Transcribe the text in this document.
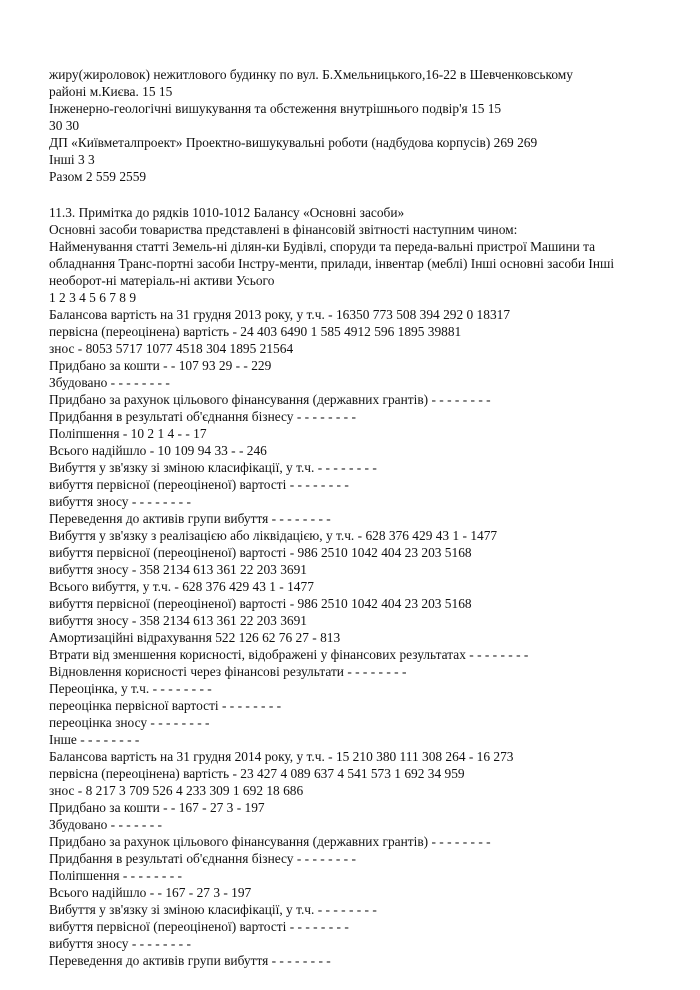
жиру(жироловок) нежитлового будинку по вул. Б.Хмельницького,16-22 в Шевченковському
районі м.Києва. 15 15
Інженерно-геологічні вишукування та обстеження внутрішнього подвір'я 15 15
30 30
ДП «Київметалпроект» Проектно-вишукувальні роботи (надбудова корпусів) 269 269
Інші 3 3
Разом 2 559 2559
11.3. Примітка до рядків 1010-1012 Балансу «Основні засоби»
Основні засоби товариства представлені в фінансовій звітності наступним чином:
Найменування статті Земель-ні ділян-ки Будівлі, споруди та переда-вальні пристрої Машини та
обладнання Транс-портні засоби Інстру-менти, прилади, інвентар (меблі) Інші основні засоби Інші
необорот-ні матеріаль-ні активи Усього
1 2 3 4 5 6 7 8 9
Балансова вартість на 31 грудня 2013 року, у т.ч. - 16350 773 508 394 292 0 18317
первісна (переоцінена) вартість - 24 403 6490 1 585 4912 596 1895 39881
знос - 8053 5717 1077 4518 304 1895 21564
Придбано за кошти - - 107 93 29 - - 229
Збудовано - - - - - - - -
Придбано за рахунок цільового фінансування (державних грантів) - - - - - - - -
Придбання в результаті об'єднання бізнесу - - - - - - - -
Поліпшення - 10 2 1 4 - - 17
Всього надійшло - 10 109 94 33 - - 246
Вибуття у зв'язку зі зміною класифікації, у т.ч. - - - - - - - -
вибуття первісної (переоціненої) вартості - - - - - - - -
вибуття зносу - - - - - - - -
Переведення до активів групи вибуття - - - - - - - -
Вибуття у зв'язку з реалізацією або ліквідацією, у т.ч. - 628 376 429 43 1 - 1477
вибуття первісної (переоціненої) вартості - 986 2510 1042 404 23 203 5168
вибуття зносу - 358 2134 613 361 22 203 3691
Всього вибуття, у т.ч. - 628 376 429 43 1 - 1477
вибуття первісної (переоціненої) вартості - 986 2510 1042 404 23 203 5168
вибуття зносу - 358 2134 613 361 22 203 3691
Амортизаційні відрахування 522 126 62 76 27 - 813
Втрати від зменшення корисності, відображені у фінансових результатах - - - - - - - -
Відновлення корисності через фінансові результати - - - - - - - -
Переоцінка, у т.ч. - - - - - - - -
переоцінка первісної вартості - - - - - - - -
переоцінка зносу - - - - - - - -
Інше - - - - - - - -
Балансова вартість на 31 грудня 2014 року, у т.ч. - 15 210 380 111 308 264 - 16 273
первісна (переоцінена) вартість - 23 427 4 089 637 4 541 573 1 692 34 959
знос - 8 217 3 709 526 4 233 309 1 692 18 686
Придбано за кошти - - 167 - 27 3 - 197
Збудовано - - - - - - -
Придбано за рахунок цільового фінансування (державних грантів) - - - - - - - -
Придбання в результаті об'єднання бізнесу - - - - - - - -
Поліпшення - - - - - - - -
Всього надійшло - - 167 - 27 3 - 197
Вибуття у зв'язку зі зміною класифікації, у т.ч. - - - - - - - -
вибуття первісної (переоціненої) вартості - - - - - - - -
вибуття зносу - - - - - - - -
Переведення до активів групи вибуття - - - - - - - -
